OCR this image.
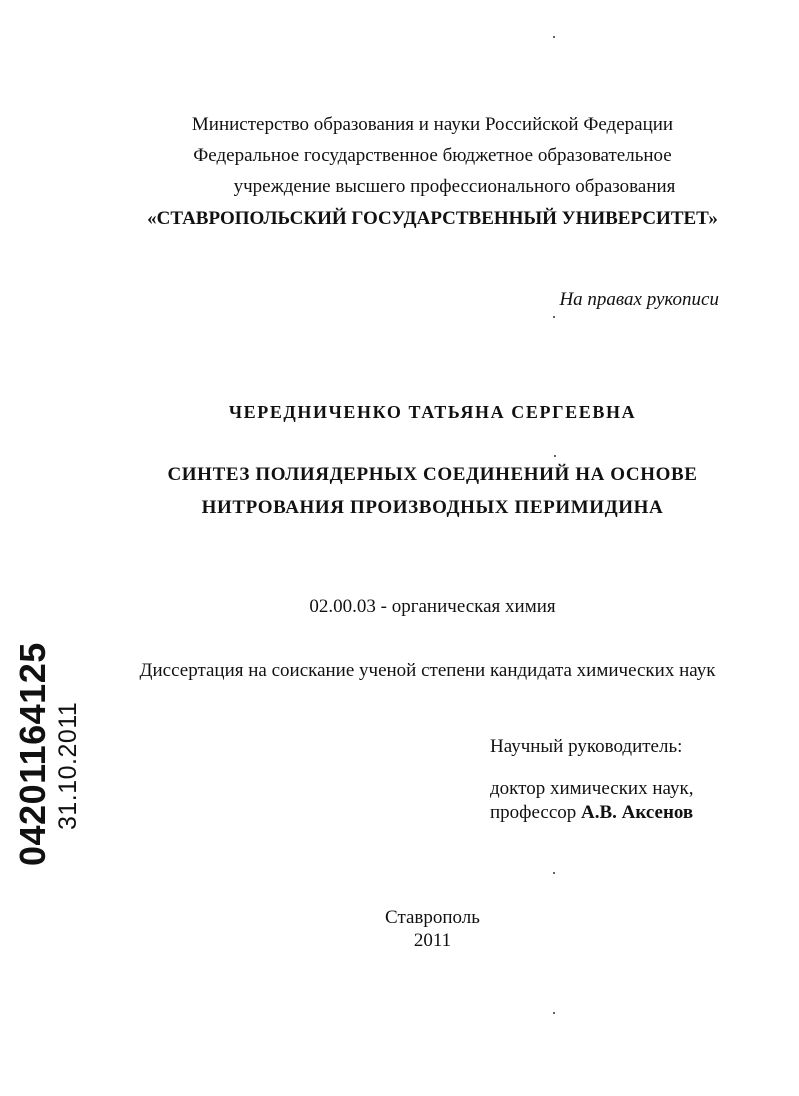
Министерство образования и науки Российской Федерации
Федеральное государственное бюджетное образовательное
учреждение высшего профессионального образования
«СТАВРОПОЛЬСКИЙ ГОСУДАРСТВЕННЫЙ УНИВЕРСИТЕТ»
На правах рукописи
ЧЕРЕДНИЧЕНКО ТАТЬЯНА СЕРГЕЕВНА
СИНТЕЗ ПОЛИЯДЕРНЫХ СОЕДИНЕНИЙ НА ОСНОВЕ
НИТРОВАНИЯ ПРОИЗВОДНЫХ ПЕРИМИДИНА
02.00.03 - органическая химия
Диссертация на соискание ученой степени кандидата химических наук
Научный руководитель:
доктор химических наук,
профессор А.В. Аксенов
Ставрополь
2011
04201164125 31.10.2011
